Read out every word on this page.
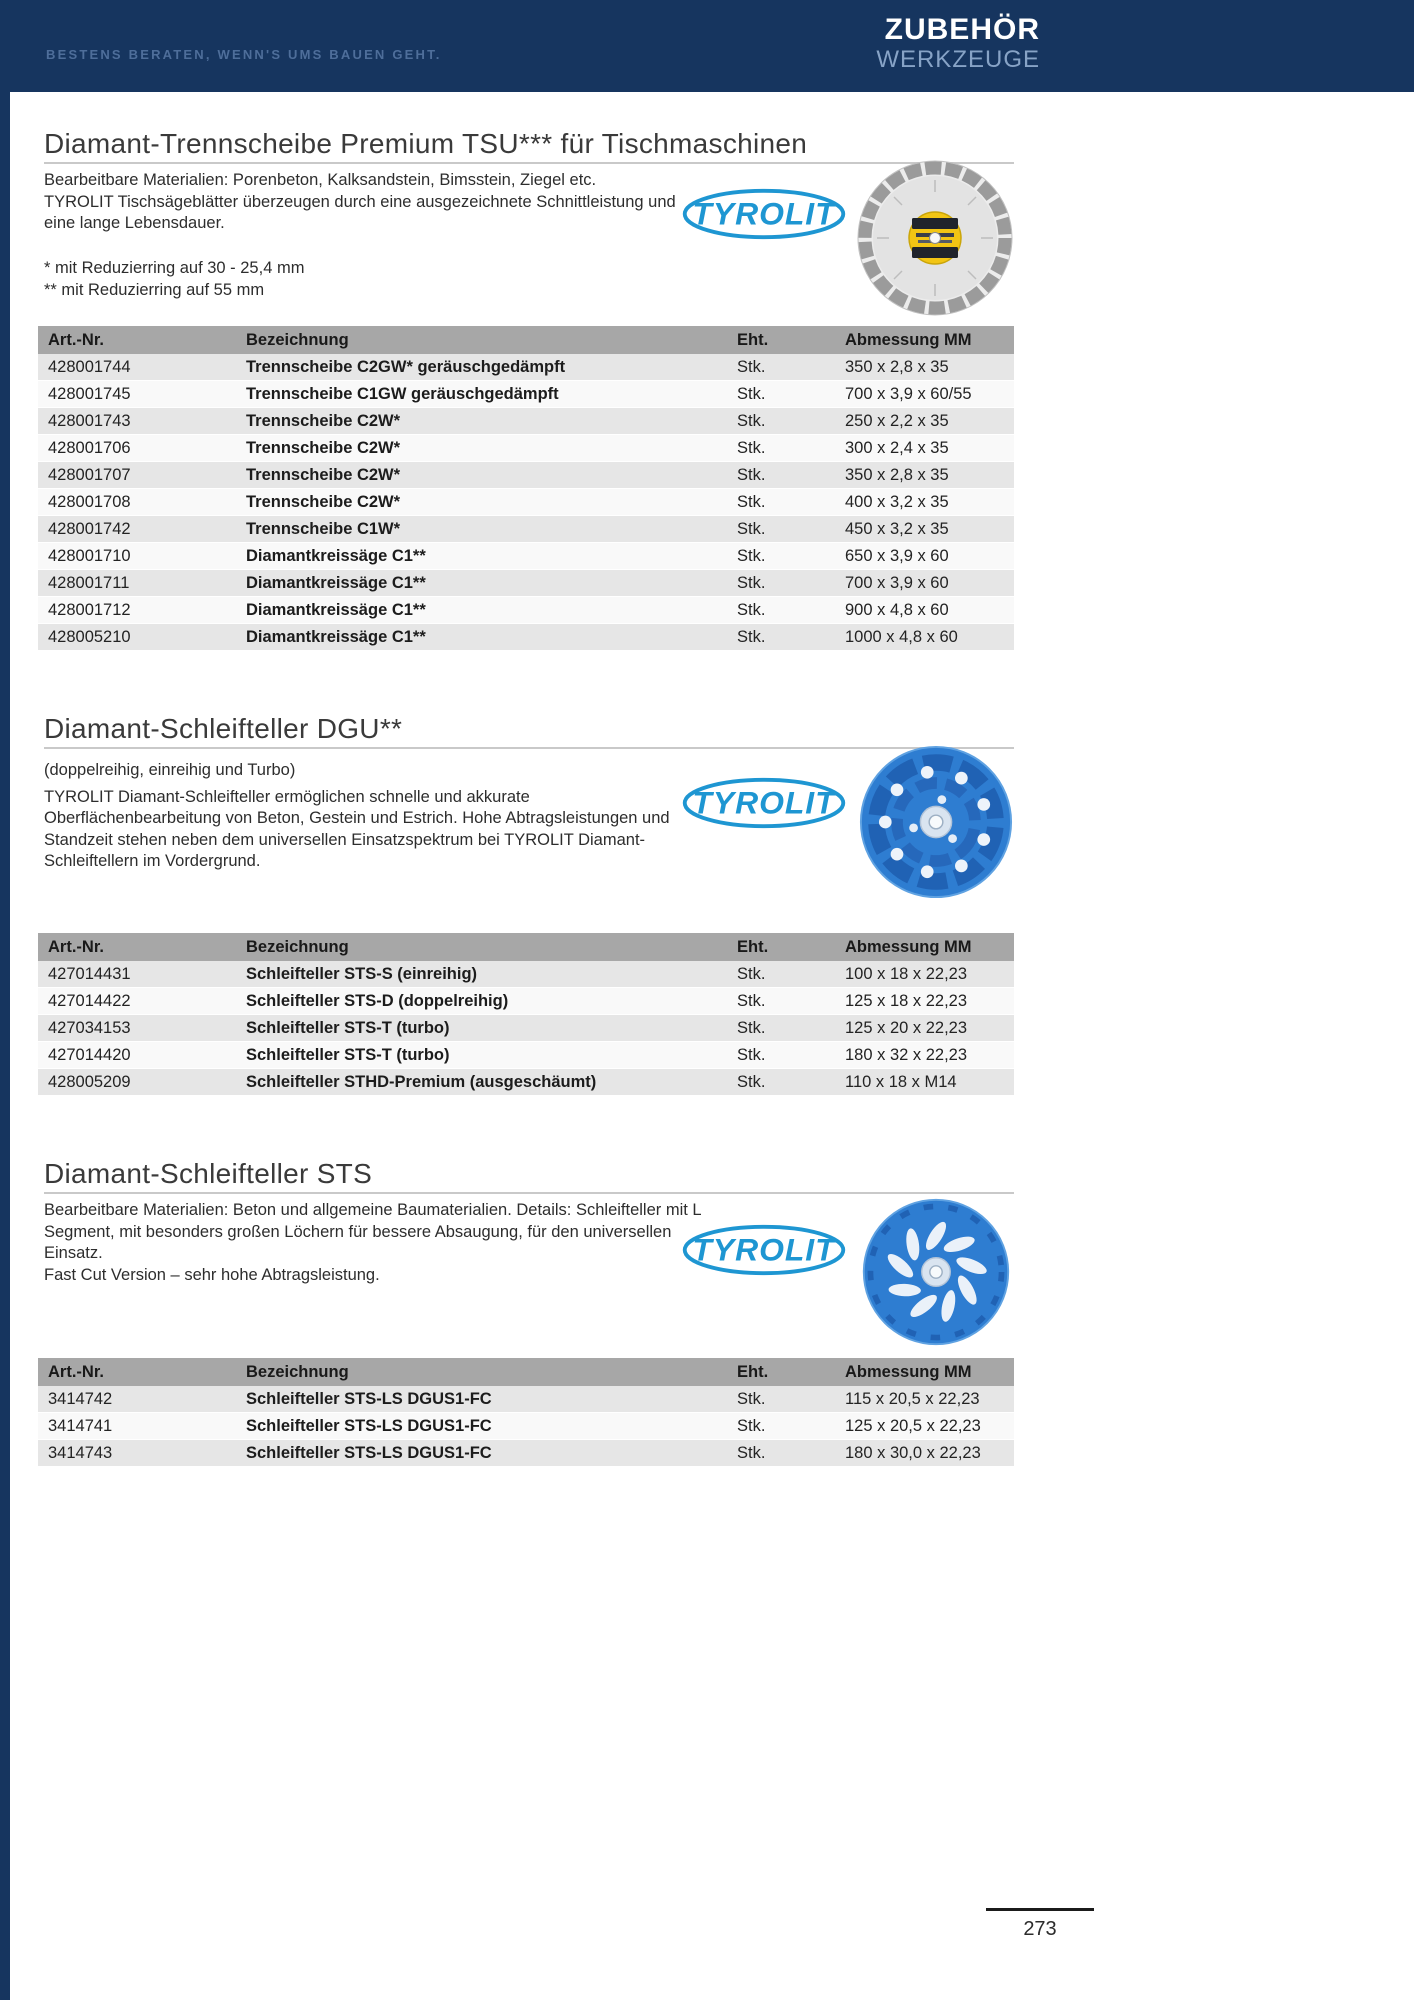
BESTENS BERATEN, WENN'S UMS BAUEN GEHT.
ZUBEHÖR
WERKZEUGE
Diamant-Trennscheibe Premium TSU*** für Tischmaschinen

Bearbeitbare Materialien: Porenbeton, Kalksandstein, Bimsstein, Ziegel etc.

TYROLIT Tischsägeblätter überzeugen durch eine ausgezeichnete Schnittleistung und eine lange Lebensdauer.

* mit Reduzierring auf 30 - 25,4 mm

** mit Reduzierring auf 55 mm

TYROLIT
Art.-Nr.	Bezeichnung	Eht.	Abmessung MM
428001744	Trennscheibe C2GW* geräuschgedämpft	Stk.	350 x 2,8 x 35
428001745	Trennscheibe C1GW geräuschgedämpft	Stk.	700 x 3,9 x 60/55
428001743	Trennscheibe C2W*	Stk.	250 x 2,2 x 35
428001706	Trennscheibe C2W*	Stk.	300 x 2,4 x 35
428001707	Trennscheibe C2W*	Stk.	350 x 2,8 x 35
428001708	Trennscheibe C2W*	Stk.	400 x 3,2 x 35
428001742	Trennscheibe C1W*	Stk.	450 x 3,2 x 35
428001710	Diamantkreissäge C1**	Stk.	650 x 3,9 x 60
428001711	Diamantkreissäge C1**	Stk.	700 x 3,9 x 60
428001712	Diamantkreissäge C1**	Stk.	900 x 4,8 x 60
428005210	Diamantkreissäge C1**	Stk.	1000 x 4,8 x 60
Diamant-Schleifteller DGU**
(doppelreihig, einreihig und Turbo)

TYROLIT Diamant-Schleifteller ermöglichen schnelle und akkurate Oberflächenbearbeitung von Beton, Gestein und Estrich. Hohe Abtragsleistungen und Standzeit stehen neben dem universellen Einsatzspektrum bei TYROLIT Diamant-Schleiftellern im Vordergrund.

TYROLIT
Art.-Nr.	Bezeichnung	Eht.	Abmessung MM
427014431	Schleifteller STS-S (einreihig)	Stk.	100 x 18 x 22,23
427014422	Schleifteller STS-D (doppelreihig)	Stk.	125 x 18 x 22,23
427034153	Schleifteller STS-T (turbo)	Stk.	125 x 20 x 22,23
427014420	Schleifteller STS-T (turbo)	Stk.	180 x 32 x 22,23
428005209	Schleifteller STHD-Premium (ausgeschäumt)	Stk.	110 x 18 x M14
Diamant-Schleifteller STS

Bearbeitbare Materialien: Beton und allgemeine Baumaterialien. Details: Schleifteller mit L Segment, mit besonders großen Löchern für bessere Absaugung, für den universellen Einsatz.

Fast Cut Version – sehr hohe Abtragsleistung.

TYROLIT
Art.-Nr.	Bezeichnung	Eht.	Abmessung MM
3414742	Schleifteller STS-LS DGUS1-FC	Stk.	115 x 20,5 x 22,23
3414741	Schleifteller STS-LS DGUS1-FC	Stk.	125 x 20,5 x 22,23
3414743	Schleifteller STS-LS DGUS1-FC	Stk.	180 x 30,0 x 22,23
273
